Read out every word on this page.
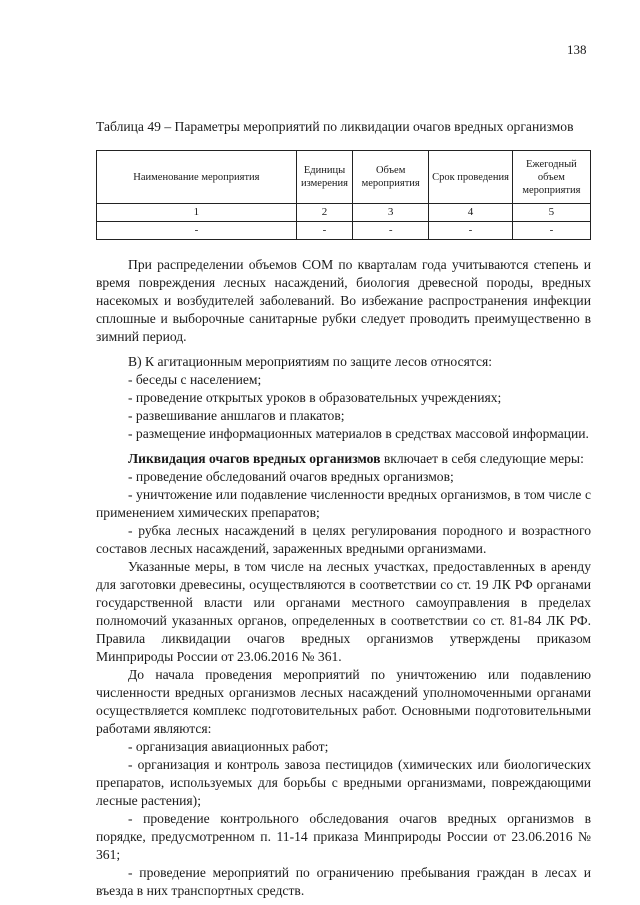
138
Таблица 49 – Параметры мероприятий по ликвидации очагов вредных организмов
Наименование мероприятия	Единицы измерения	Объем мероприятия	Срок проведения	Ежегодный объем мероприятия
1	2	3	4	5
-	-	-	-	-

При распределении объемов СОМ по кварталам года учитываются степень и время повреждения лесных насаждений, биология древесной породы, вредных насекомых и возбудителей заболеваний. Во избежание распространения инфекции сплошные и выборочные санитарные рубки следует проводить преимущественно в зимний период.

В) К агитационным мероприятиям по защите лесов относятся:

- беседы с населением;

- проведение открытых уроков в образовательных учреждениях;

- развешивание аншлагов и плакатов;

- размещение информационных материалов в средствах массовой информации.

Ликвидация очагов вредных организмов включает в себя следующие меры:

- проведение обследований очагов вредных организмов;

- уничтожение или подавление численности вредных организмов, в том числе с применением химических препаратов;

- рубка лесных насаждений в целях регулирования породного и возрастного составов лесных насаждений, зараженных вредными организмами.

Указанные меры, в том числе на лесных участках, предоставленных в аренду для заготовки древесины, осуществляются в соответствии со ст. 19 ЛК РФ органами государственной власти или органами местного самоуправления в пределах полномочий указанных органов, определенных в соответствии со ст. 81-84 ЛК РФ. Правила ликвидации очагов вредных организмов утверждены приказом Минприроды России от 23.06.2016 № 361.

До начала проведения мероприятий по уничтожению или подавлению численности вредных организмов лесных насаждений уполномоченными органами осуществляется комплекс подготовительных работ. Основными подготовительными работами являются:

- организация авиационных работ;

- организация и контроль завоза пестицидов (химических или биологических препаратов, используемых для борьбы с вредными организмами, повреждающими лесные растения);

- проведение контрольного обследования очагов вредных организмов в порядке, предусмотренном п. 11-14 приказа Минприроды России от 23.06.2016 № 361;

- проведение мероприятий по ограничению пребывания граждан в лесах и въезда в них транспортных средств.
